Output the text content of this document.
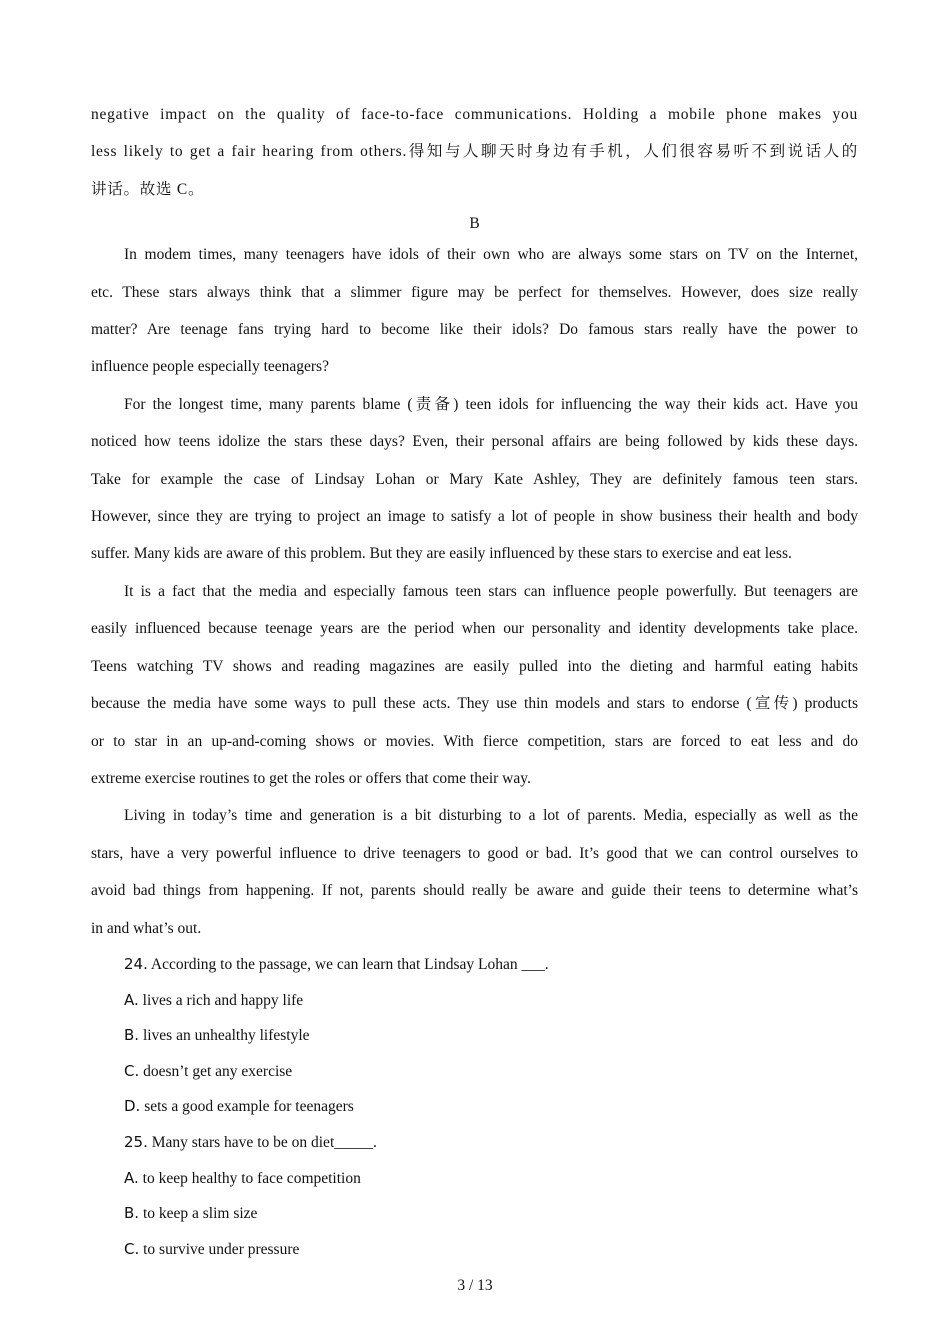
negative impact on the quality of face-to-face communications. Holding a mobile phone makes you

less likely to get a fair hearing from others.得知与人聊天时身边有手机，人们很容易听不到说话人的

讲话。故选 C。

B

In modem times, many teenagers have idols of their own who are always some stars on TV on the Internet,

etc. These stars always think that a slimmer figure may be perfect for themselves. However, does size really

matter? Are teenage fans trying hard to become like their idols? Do famous stars really have the power to

influence people especially teenagers?

For the longest time, many parents blame (责备) teen idols for influencing the way their kids act. Have you

noticed how teens idolize the stars these days? Even, their personal affairs are being followed by kids these days.

Take for example the case of Lindsay Lohan or Mary Kate Ashley, They are definitely famous teen stars.

However, since they are trying to project an image to satisfy a lot of people in show business their health and body

suffer. Many kids are aware of this problem. But they are easily influenced by these stars to exercise and eat less.

It is a fact that the media and especially famous teen stars can influence people powerfully. But teenagers are

easily influenced because teenage years are the period when our personality and identity developments take place.

Teens watching TV shows and reading magazines are easily pulled into the dieting and harmful eating habits

because the media have some ways to pull these acts. They use thin models and stars to endorse (宣传) products

or to star in an up-and-coming shows or movies. With fierce competition, stars are forced to eat less and do

extreme exercise routines to get the roles or offers that come their way.

Living in today’s time and generation is a bit disturbing to a lot of parents. Media, especially as well as the

stars, have a very powerful influence to drive teenagers to good or bad. It’s good that we can control ourselves to

avoid bad things from happening. If not, parents should really be aware and guide their teens to determine what’s

in and what’s out.

24. According to the passage, we can learn that Lindsay Lohan ___.

A. lives a rich and happy life

B. lives an unhealthy lifestyle

C. doesn’t get any exercise

D. sets a good example for teenagers

25. Many stars have to be on diet_____.

A. to keep healthy to face competition

B. to keep a slim size

C. to survive under pressure

3 / 13
